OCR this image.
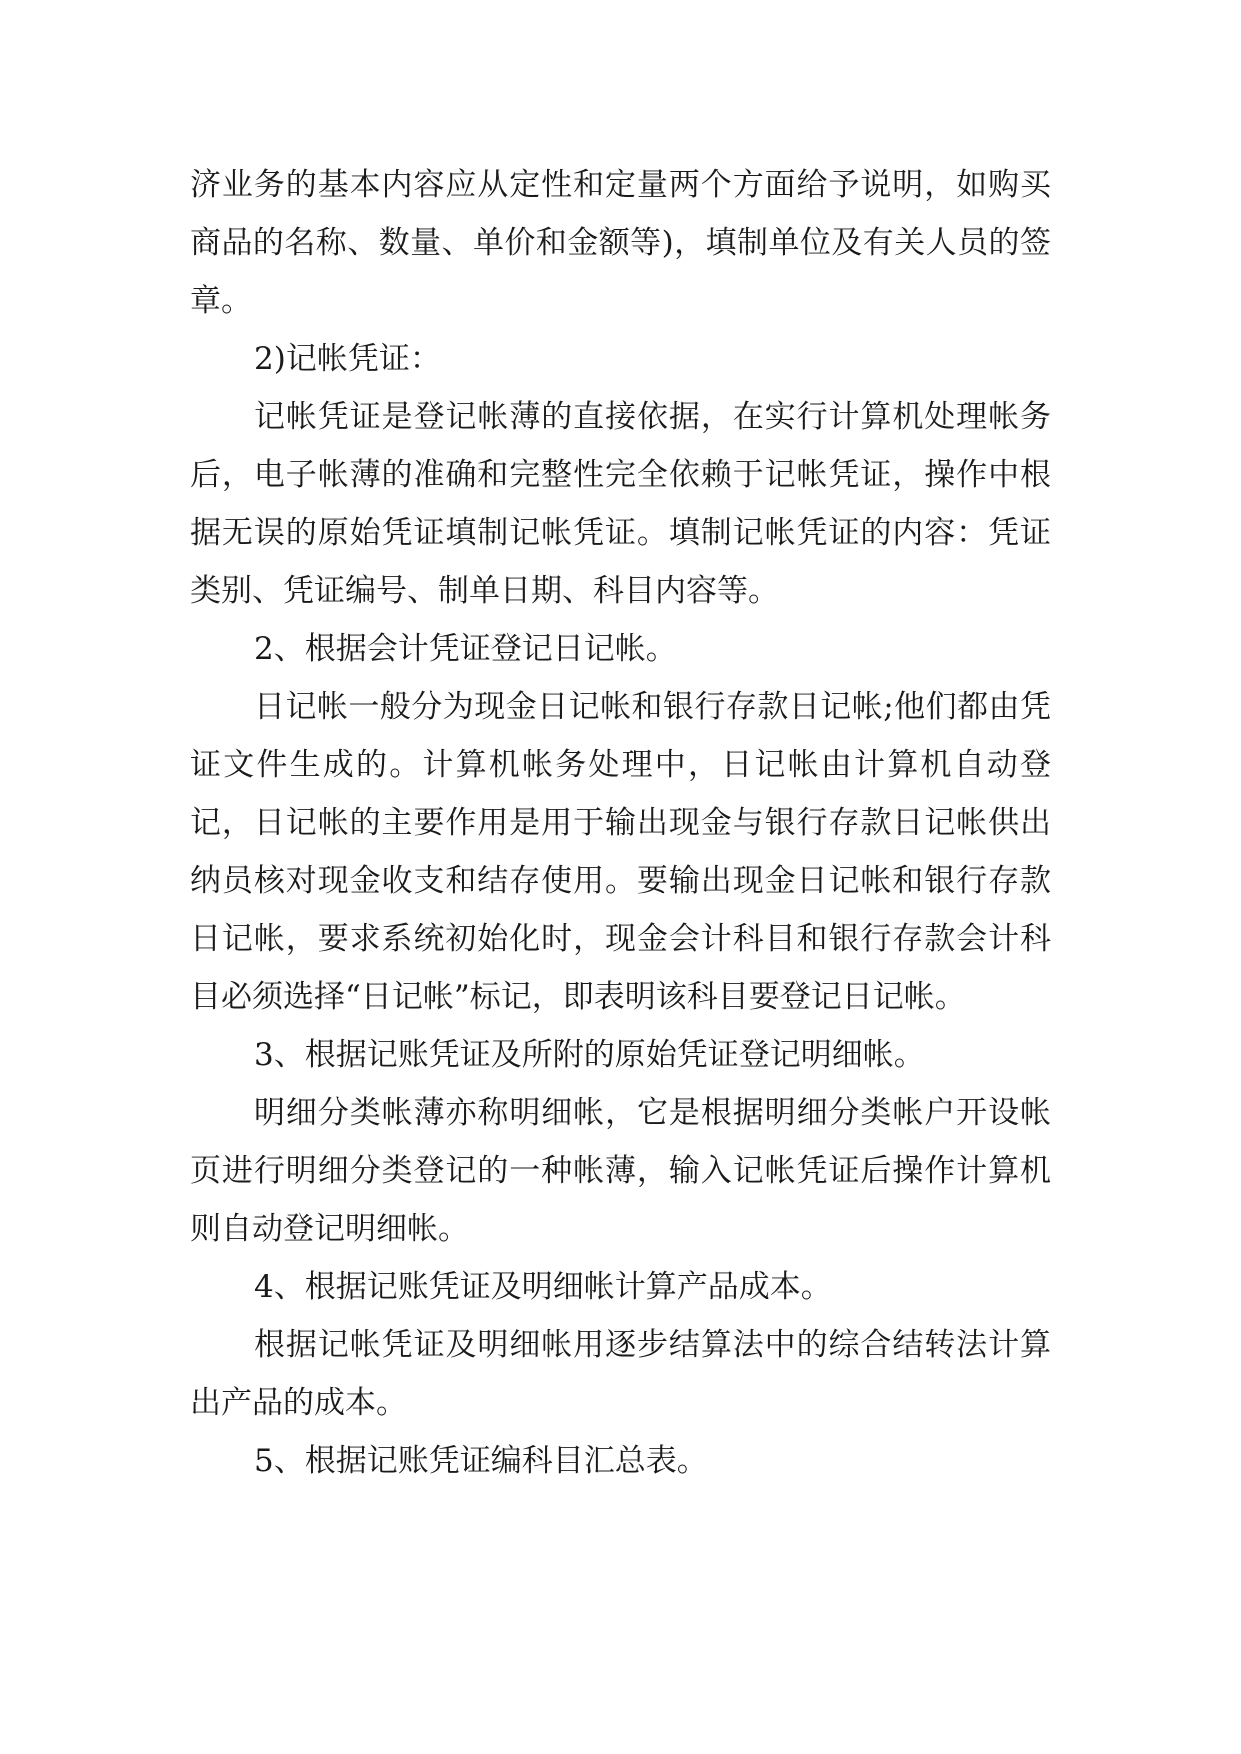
济业务的基本内容应从定性和定量两个方面给予说明，如购买商品的名称、数量、单价和金额等)，填制单位及有关人员的签章。

2)记帐凭证：

记帐凭证是登记帐薄的直接依据，在实行计算机处理帐务后，电子帐薄的准确和完整性完全依赖于记帐凭证，操作中根据无误的原始凭证填制记帐凭证。填制记帐凭证的内容：凭证类别、凭证编号、制单日期、科目内容等。

2、根据会计凭证登记日记帐。

日记帐一般分为现金日记帐和银行存款日记帐;他们都由凭证文件生成的。计算机帐务处理中，日记帐由计算机自动登记，日记帐的主要作用是用于输出现金与银行存款日记帐供出纳员核对现金收支和结存使用。要输出现金日记帐和银行存款日记帐，要求系统初始化时，现金会计科目和银行存款会计科目必须选择“日记帐”标记，即表明该科目要登记日记帐。

3、根据记账凭证及所附的原始凭证登记明细帐。

明细分类帐薄亦称明细帐，它是根据明细分类帐户开设帐页进行明细分类登记的一种帐薄，输入记帐凭证后操作计算机则自动登记明细帐。

4、根据记账凭证及明细帐计算产品成本。

根据记帐凭证及明细帐用逐步结算法中的综合结转法计算出产品的成本。

5、根据记账凭证编科目汇总表。
